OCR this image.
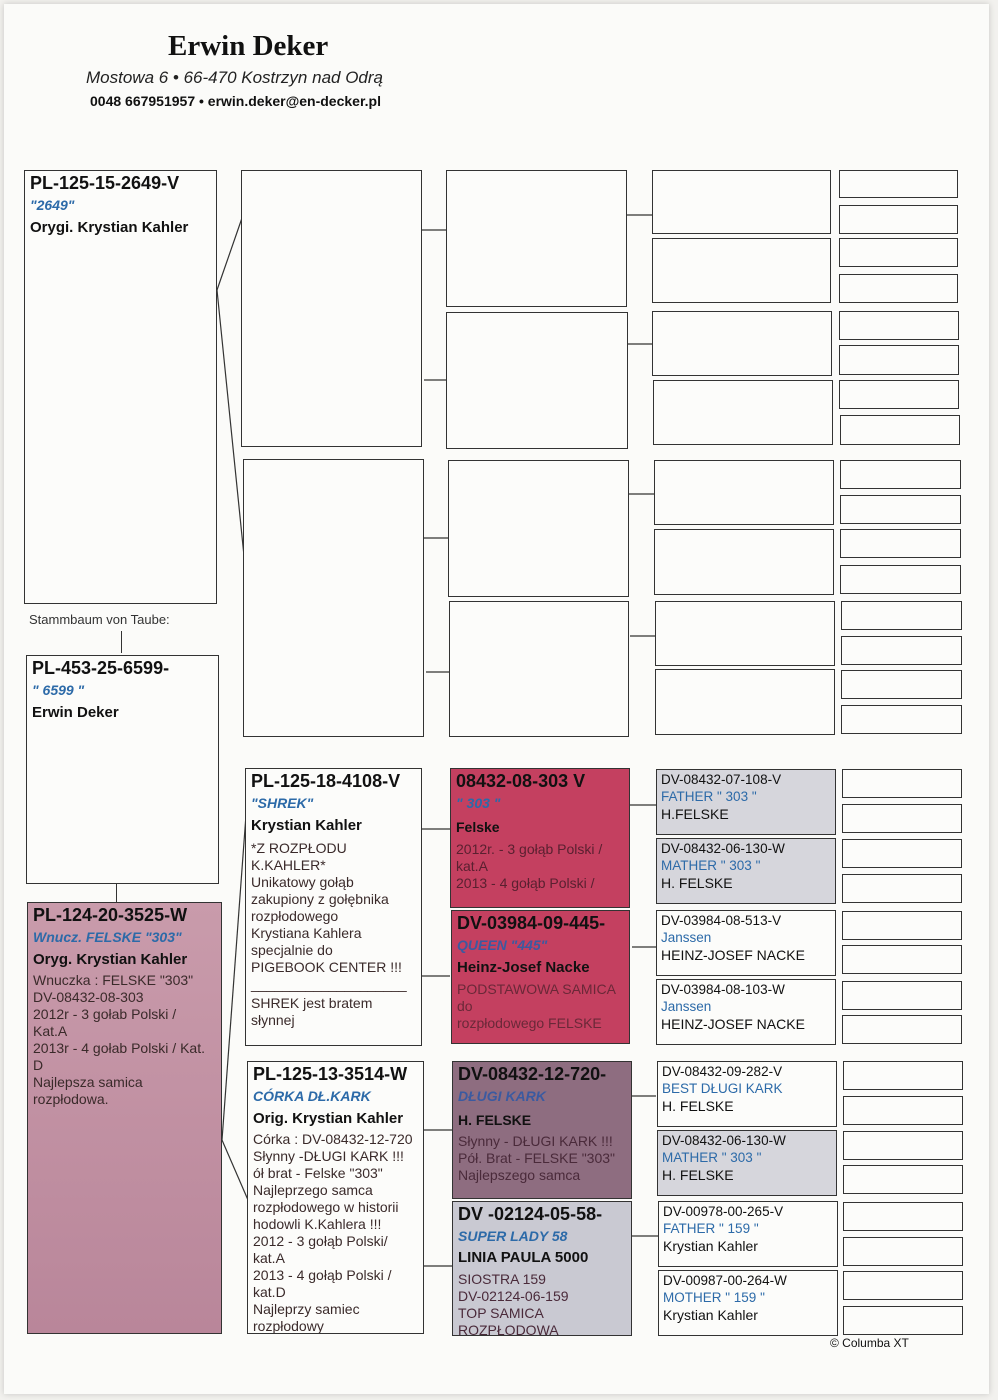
Erwin Deker
Mostowa 6 • 66-470 Kostrzyn nad Odrą
0048 667951957 • erwin.deker@en-decker.pl
PL-125-15-2649-V
"2649"
Orygi. Krystian Kahler
Stammbaum von Taube:
PL-453-25-6599-
" 6599 "
Erwin Deker
PL-124-20-3525-W
Wnucz. FELSKE "303"
Oryg. Krystian Kahler
Wnuczka : FELSKE "303"
DV-08432-08-303
2012r - 3 gołab Polski /
Kat.A
2013r - 4 gołab Polski / Kat.
D
Najlepsza samica
rozpłodowa.
PL-125-18-4108-V
"SHREK"
Krystian Kahler
*Z ROZPŁODU
K.KAHLER*
Unikatowy gołąb
zakupiony z gołębnika
rozpłodowego
Krystiana Kahlera
specjalnie do
PIGEBOOK CENTER !!!
____________________
SHREK jest bratem
słynnej
PL-125-13-3514-W
CÓRKA DŁ.KARK
Orig. Krystian Kahler
Córka : DV-08432-12-720
Słynny -DŁUGI KARK !!!
ół brat - Felske "303"
Najleprzego samca
rozpłodowego w historii
hodowli K.Kahlera !!!
2012 - 3 gołąb Polski/
kat.A
2013 - 4 gołąb Polski /
kat.D
Najleprzy samiec
rozpłodowy
08432-08-303 V
" 303 "
Felske
2012r. - 3 gołąb Polski /
kat.A
2013 - 4 gołąb Polski /
DV-03984-09-445-
QUEEN "445"
Heinz-Josef Nacke
PODSTAWOWA SAMICA
do
rozpłodowego FELSKE
DV-08432-12-720-
DŁUGI KARK
H. FELSKE
Słynny - DŁUGI KARK !!!
Pół. Brat - FELSKE "303"
Najlepszego samca
DV -02124-05-58-
SUPER LADY 58
LINIA PAULA 5000
SIOSTRA 159
DV-02124-06-159
TOP SAMICA
ROZPŁODOWA
DV-08432-07-108-V
FATHER " 303 "
H.FELSKE
DV-08432-06-130-W
MATHER " 303 "
H. FELSKE
DV-03984-08-513-V
Janssen
HEINZ-JOSEF NACKE
DV-03984-08-103-W
Janssen
HEINZ-JOSEF NACKE
DV-08432-09-282-V
BEST DŁUGI KARK
H. FELSKE
DV-08432-06-130-W
MATHER " 303 "
H. FELSKE
DV-00978-00-265-V
FATHER " 159 "
Krystian Kahler
DV-00987-00-264-W
MOTHER " 159 "
Krystian Kahler
© Columba XT
